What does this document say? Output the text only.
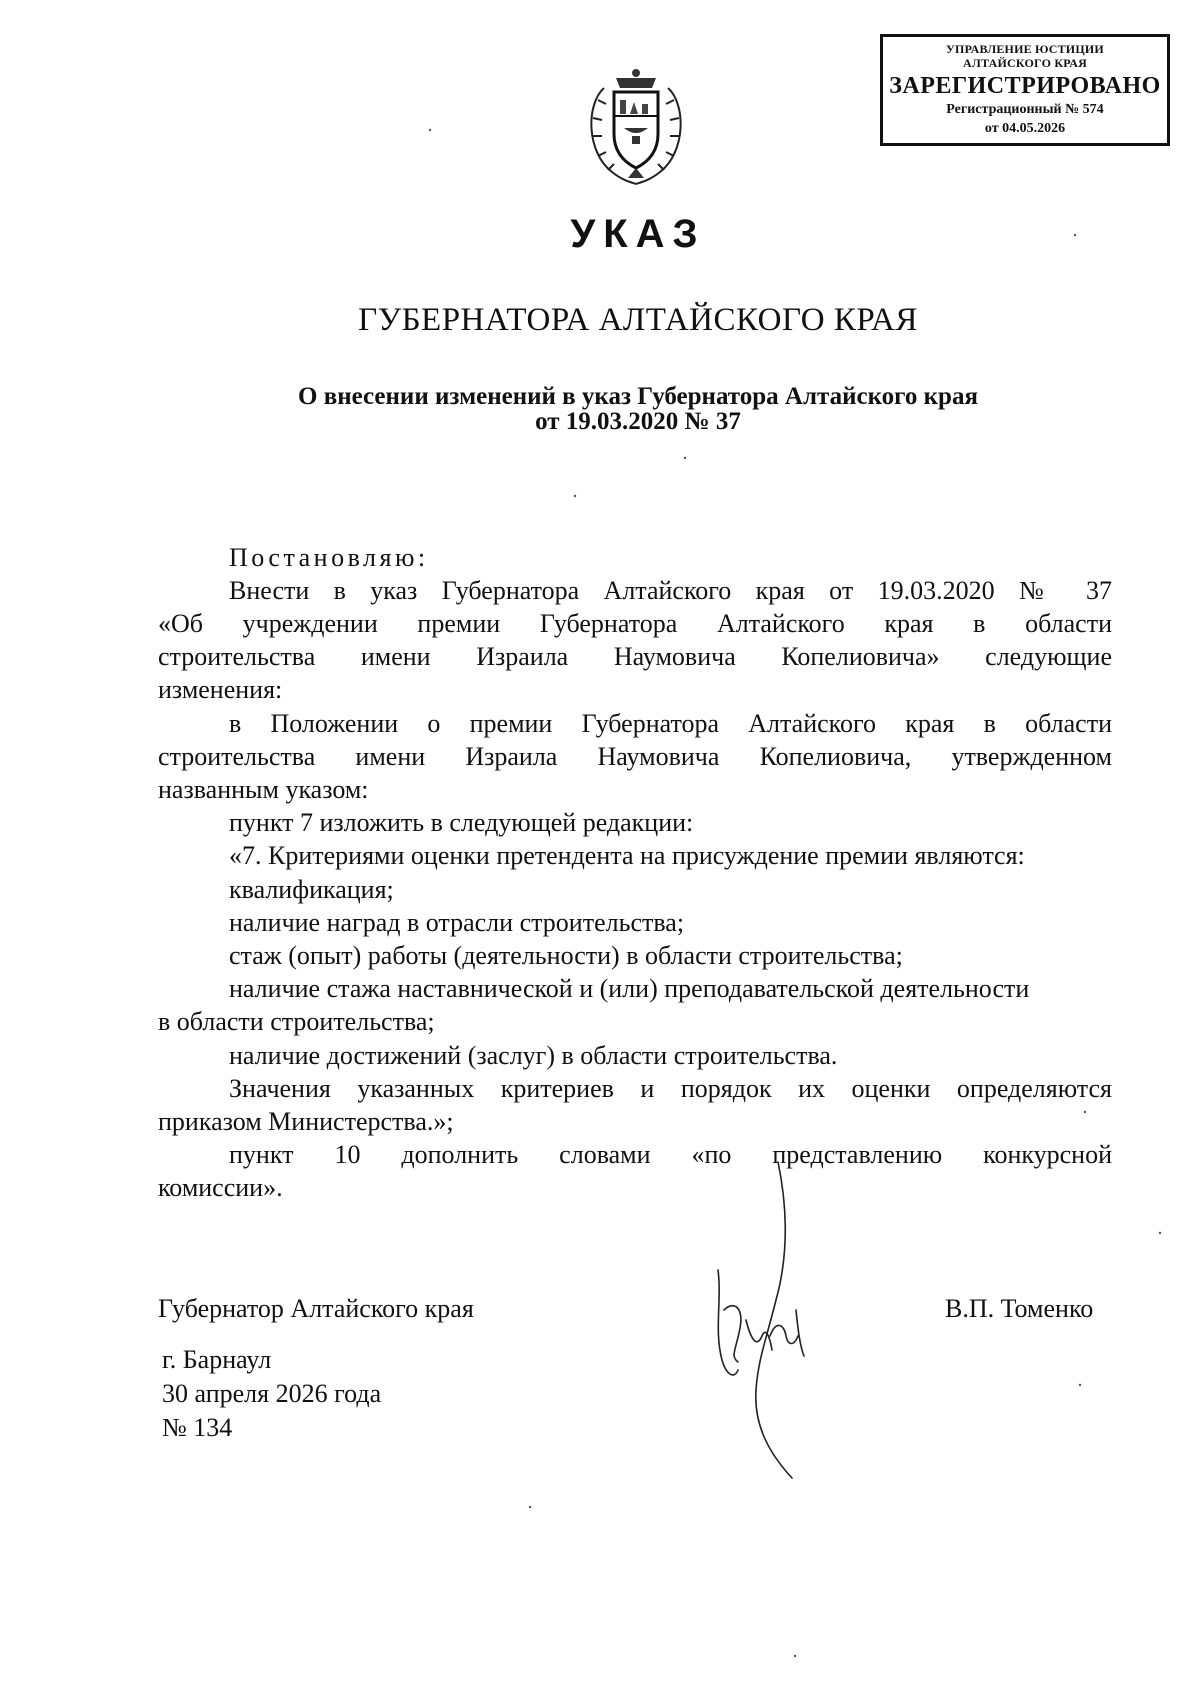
УПРАВЛЕНИЕ ЮСТИЦИИ
АЛТАЙСКОГО КРАЯ
ЗАРЕГИСТРИРОВАНО
Регистрационный № 574
от 04.05.2026
УКАЗ
ГУБЕРНАТОРА АЛТАЙСКОГО КРАЯ
О внесении изменений в указ Губернатора Алтайского края
от 19.03.2020 № 37

Постановляю:

Внести в указ Губернатора Алтайского края от 19.03.2020 № 37

«Об учреждении премии Губернатора Алтайского края в области

строительства имени Израила Наумовича Копелиовича» следующие

изменения:

в Положении о премии Губернатора Алтайского края в области

строительства имени Израила Наумовича Копелиовича, утвержденном

названным указом:

пункт 7 изложить в следующей редакции:

«7. Критериями оценки претендента на присуждение премии являются:

квалификация;

наличие наград в отрасли строительства;

стаж (опыт) работы (деятельности) в области строительства;

наличие стажа наставнической и (или) преподавательской деятельности

в области строительства;

наличие достижений (заслуг) в области строительства.

Значения указанных критериев и порядок их оценки определяются

приказом Министерства.»;

пункт 10 дополнить словами «по представлению конкурсной

комиссии».

Губернатор Алтайского края	В.П. Томенко
г. Барнаул
30 апреля 2026 года
№ 134
